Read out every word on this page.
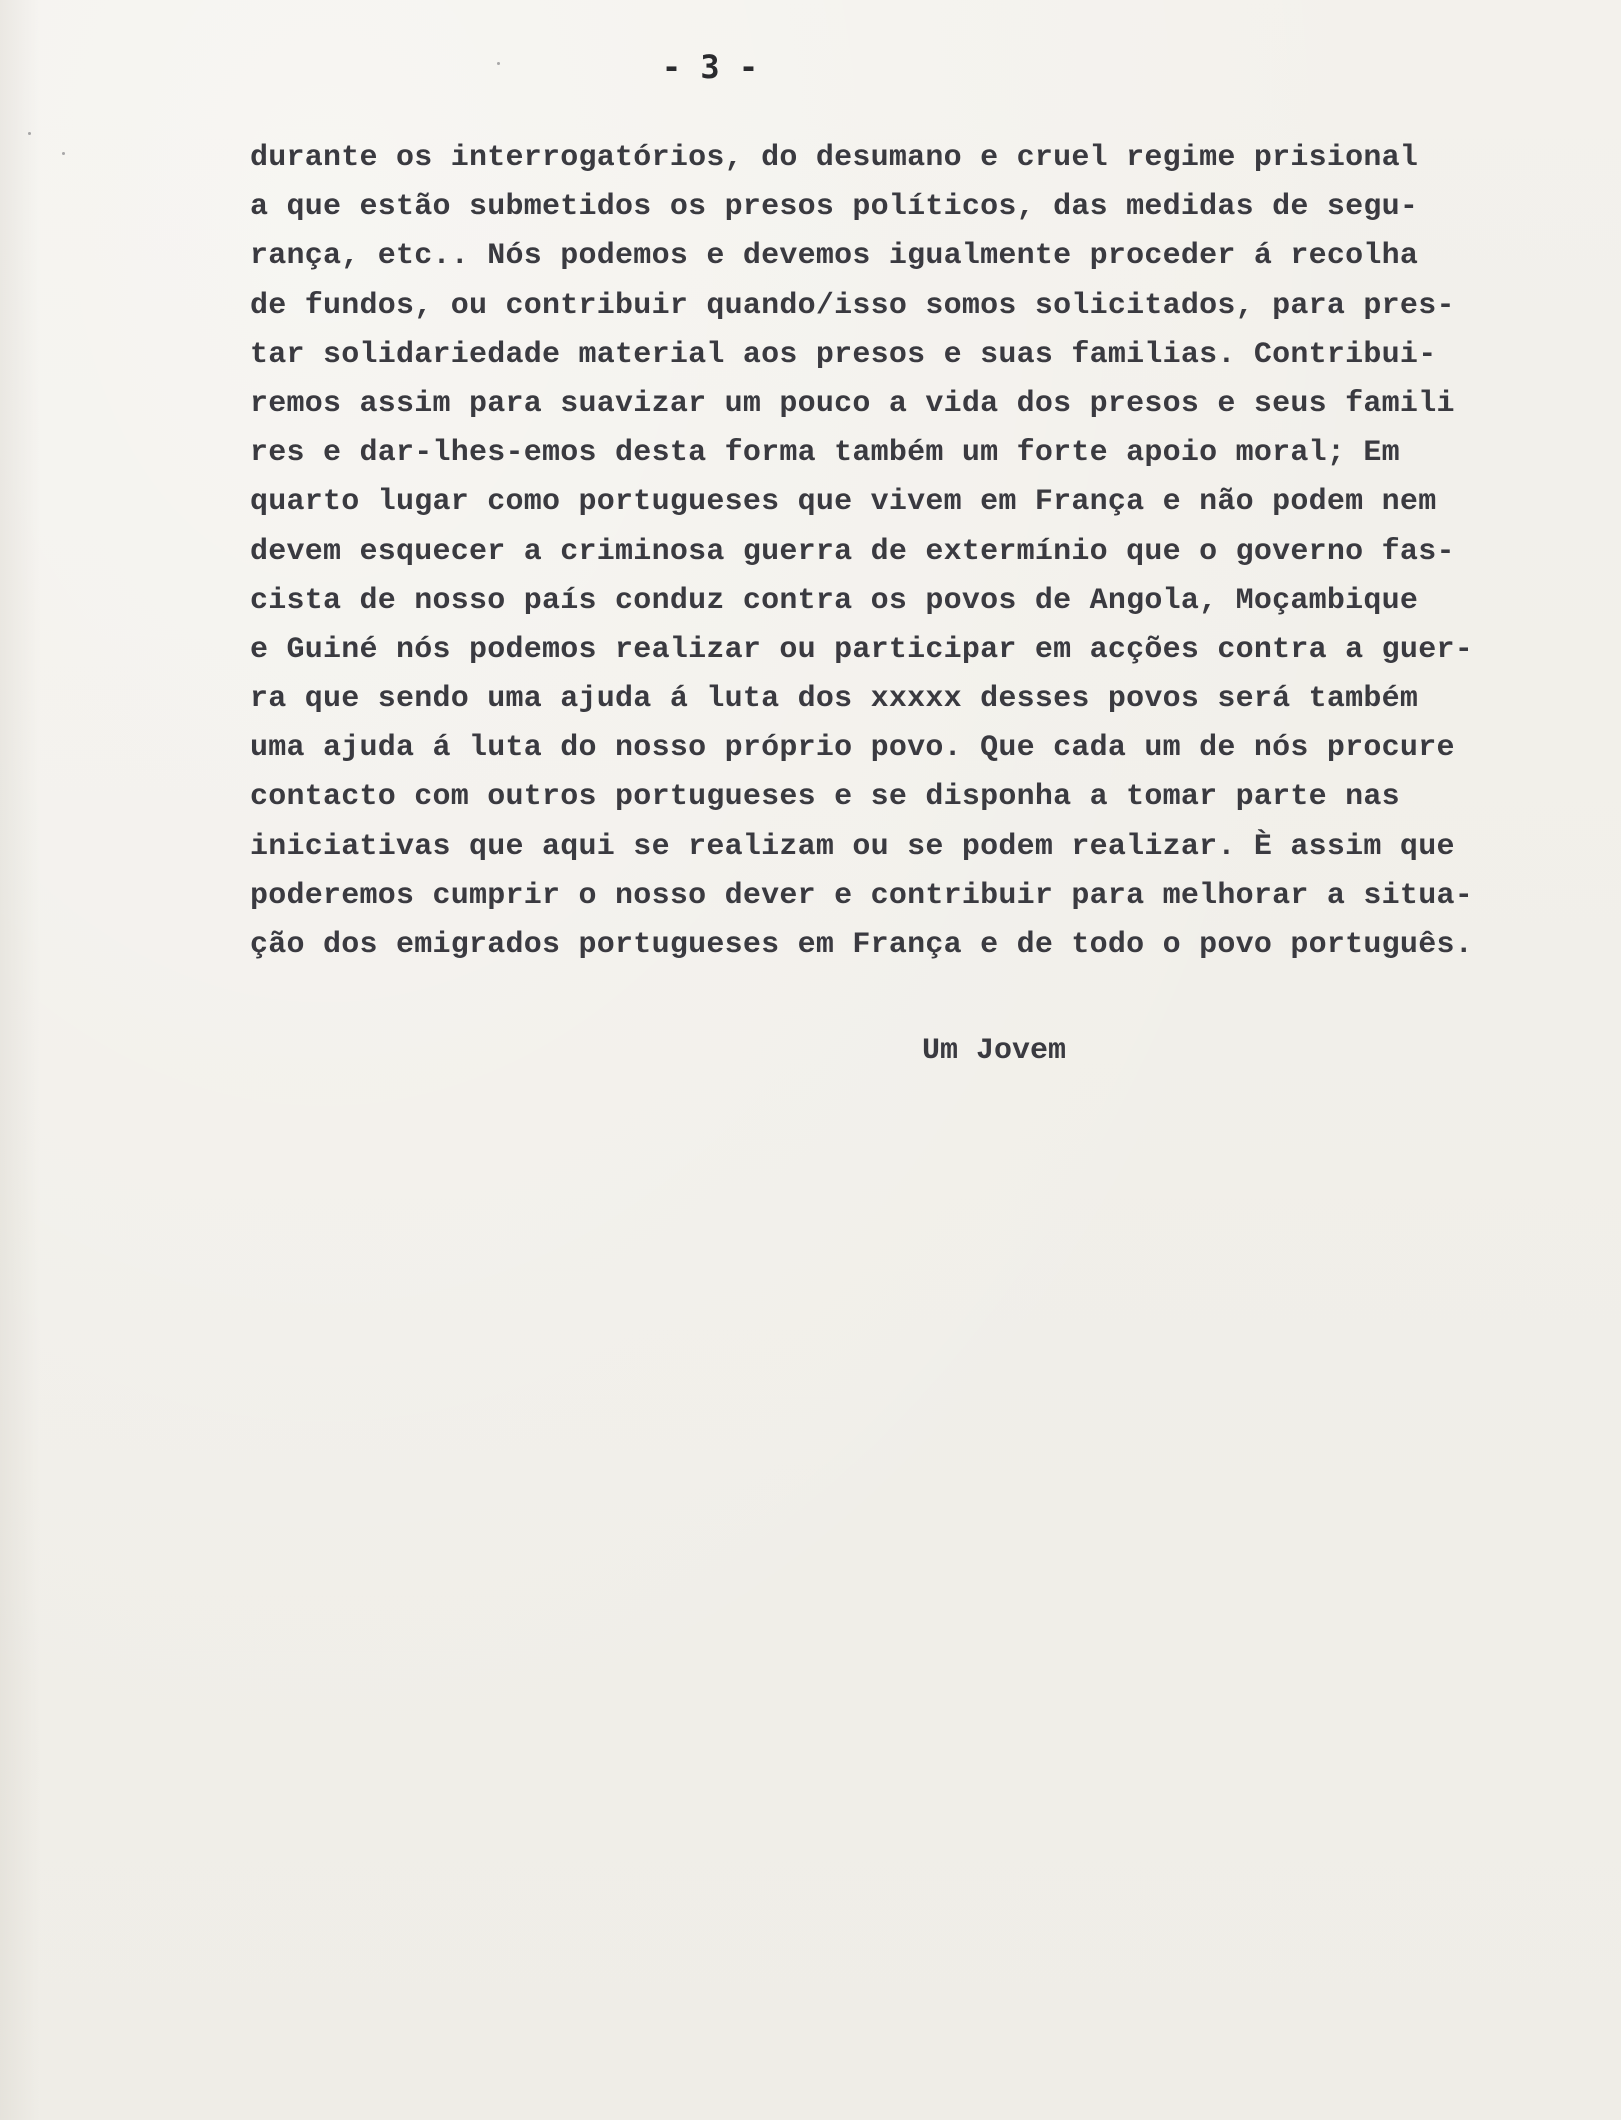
- 3 -
durante os interrogatórios, do desumano e cruel regime prisional
a que estão submetidos os presos políticos, das medidas de segu-
rança, etc.. Nós podemos e devemos igualmente proceder á recolha
de fundos, ou contribuir quando/isso somos solicitados, para pres-
tar solidariedade material aos presos e suas familias. Contribui-
remos assim para suavizar um pouco a vida dos presos e seus famili
res e dar-lhes-emos desta forma também um forte apoio moral; Em
quarto lugar como portugueses que vivem em França e não podem nem
devem esquecer a criminosa guerra de extermínio que o governo fas-
cista de nosso país conduz contra os povos de Angola, Moçambique
e Guiné nós podemos realizar ou participar em acções contra a guer-
ra que sendo uma ajuda á luta dos xxxxx desses povos será também
uma ajuda á luta do nosso próprio povo. Que cada um de nós procure
contacto com outros portugueses e se disponha a tomar parte nas
iniciativas que aqui se realizam ou se podem realizar. È assim que
poderemos cumprir o nosso dever e contribuir para melhorar a situa-
ção dos emigrados portugueses em França e de todo o povo português.
Um Jovem
